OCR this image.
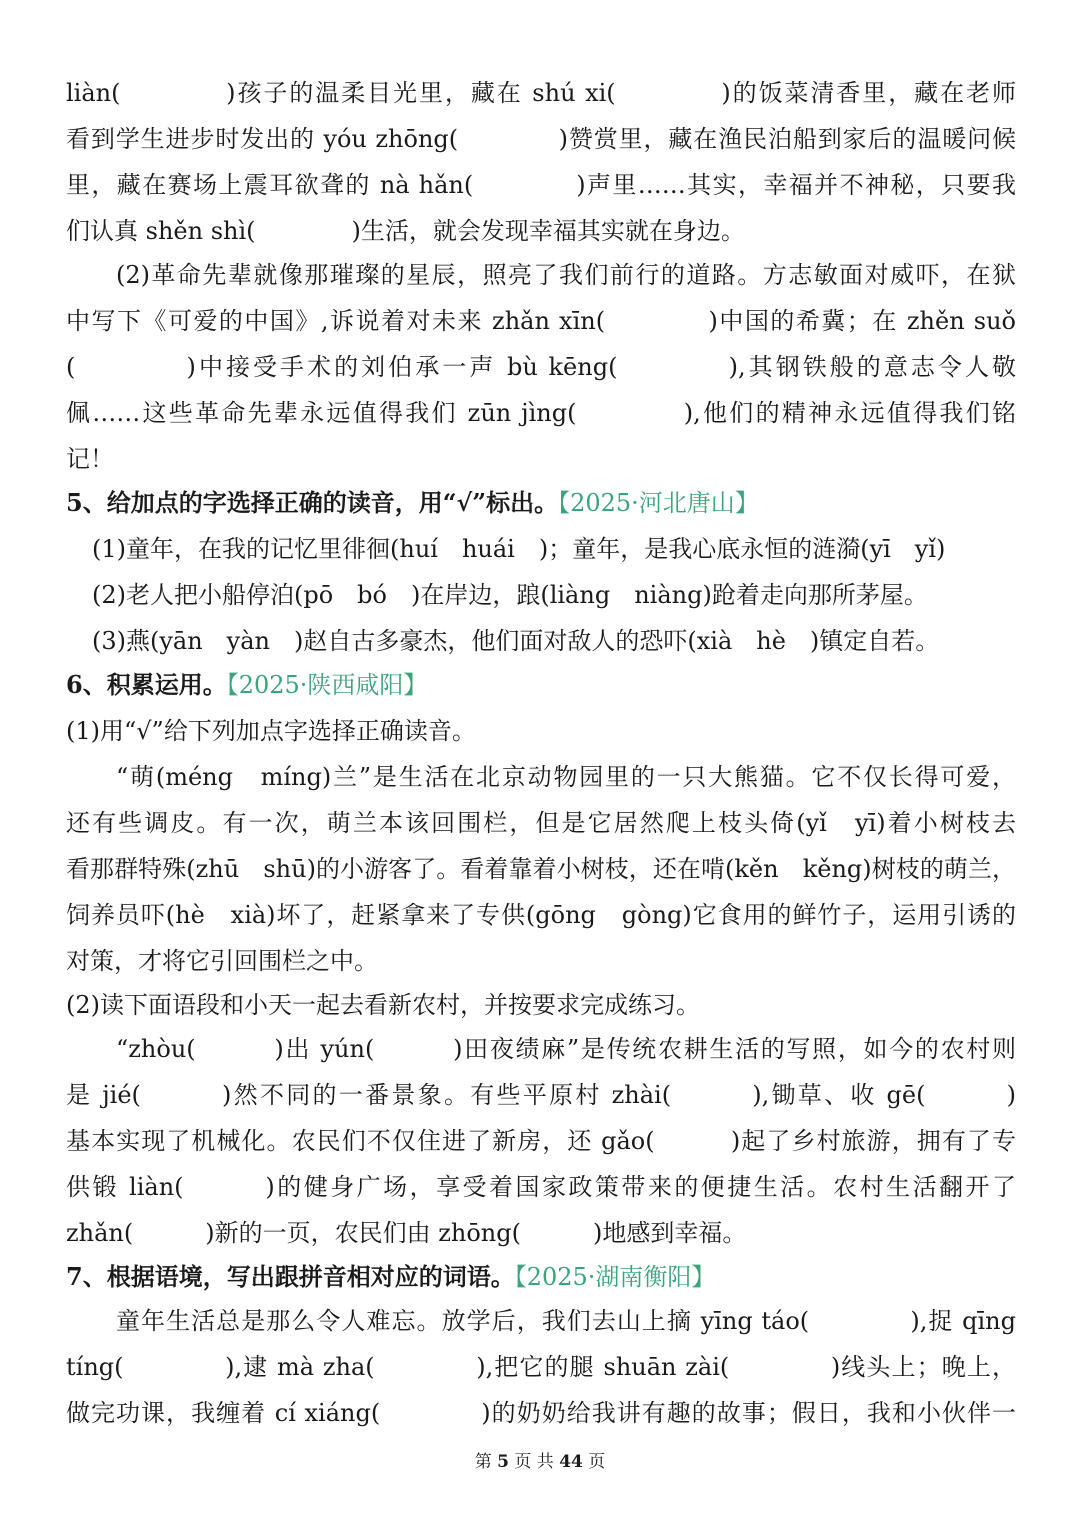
liàn(　　　　)孩子的温柔目光里，藏在 shú xi(　　　　)的饭菜清香里，藏在老师
看到学生进步时发出的 yóu zhōng(　　　　)赞赏里，藏在渔民泊船到家后的温暖问候
里，藏在赛场上震耳欲聋的 nà hǎn(　　　　)声里……其实，幸福并不神秘，只要我
们认真 shěn shì(　　　　)生活，就会发现幸福其实就在身边。
(2)革命先辈就像那璀璨的星辰，照亮了我们前行的道路。方志敏面对威吓，在狱
中写下《可爱的中国》,诉说着对未来 zhǎn xīn(　　　　)中国的希冀；在 zhěn suǒ
(　　　　)中接受手术的刘伯承一声 bù kēng(　　　　),其钢铁般的意志令人敬
佩……这些革命先辈永远值得我们 zūn jìng(　　　　),他们的精神永远值得我们铭
记！
5、给加点的字选择正确的读音，用“√”标出。【2025·河北唐山】
(1)童年，在我的记忆里徘徊(huí　huái　)；童年，是我心底永恒的涟漪(yī　yǐ)
(2)老人把小船停泊(pō　bó　)在岸边，踉(liàng　niàng)跄着走向那所茅屋。
(3)燕(yān　yàn　)赵自古多豪杰，他们面对敌人的恐吓(xià　hè　)镇定自若。
6、积累运用。【2025·陕西咸阳】
(1)用“√”给下列加点字选择正确读音。
“萌(méng　míng)兰”是生活在北京动物园里的一只大熊猫。它不仅长得可爱，
还有些调皮。有一次，萌兰本该回围栏，但是它居然爬上枝头倚(yǐ　yī)着小树枝去
看那群特殊(zhū　shū)的小游客了。看着靠着小树枝，还在啃(kěn　kěng)树枝的萌兰，
饲养员吓(hè　xià)坏了，赶紧拿来了专供(gōng　gòng)它食用的鲜竹子，运用引诱的
对策，才将它引回围栏之中。
(2)读下面语段和小天一起去看新农村，并按要求完成练习。
“zhòu(　　　)出 yún(　　　)田夜绩麻”是传统农耕生活的写照，如今的农村则
是 jié(　　　)然不同的一番景象。有些平原村 zhài(　　　),锄草、收 gē(　　　)
基本实现了机械化。农民们不仅住进了新房，还 gǎo(　　　)起了乡村旅游，拥有了专
供锻 liàn(　　　)的健身广场，享受着国家政策带来的便捷生活。农村生活翻开了
zhǎn(　　　)新的一页，农民们由 zhōng(　　　)地感到幸福。
7、根据语境，写出跟拼音相对应的词语。【2025·湖南衡阳】
童年生活总是那么令人难忘。放学后，我们去山上摘 yīng táo(　　　　),捉 qīng
tíng(　　　　),逮 mà zha(　　　　),把它的腿 shuān zài(　　　　)线头上；晚上，
做完功课，我缠着 cí xiáng(　　　　)的奶奶给我讲有趣的故事；假日，我和小伙伴一
第 5 页 共 44 页
